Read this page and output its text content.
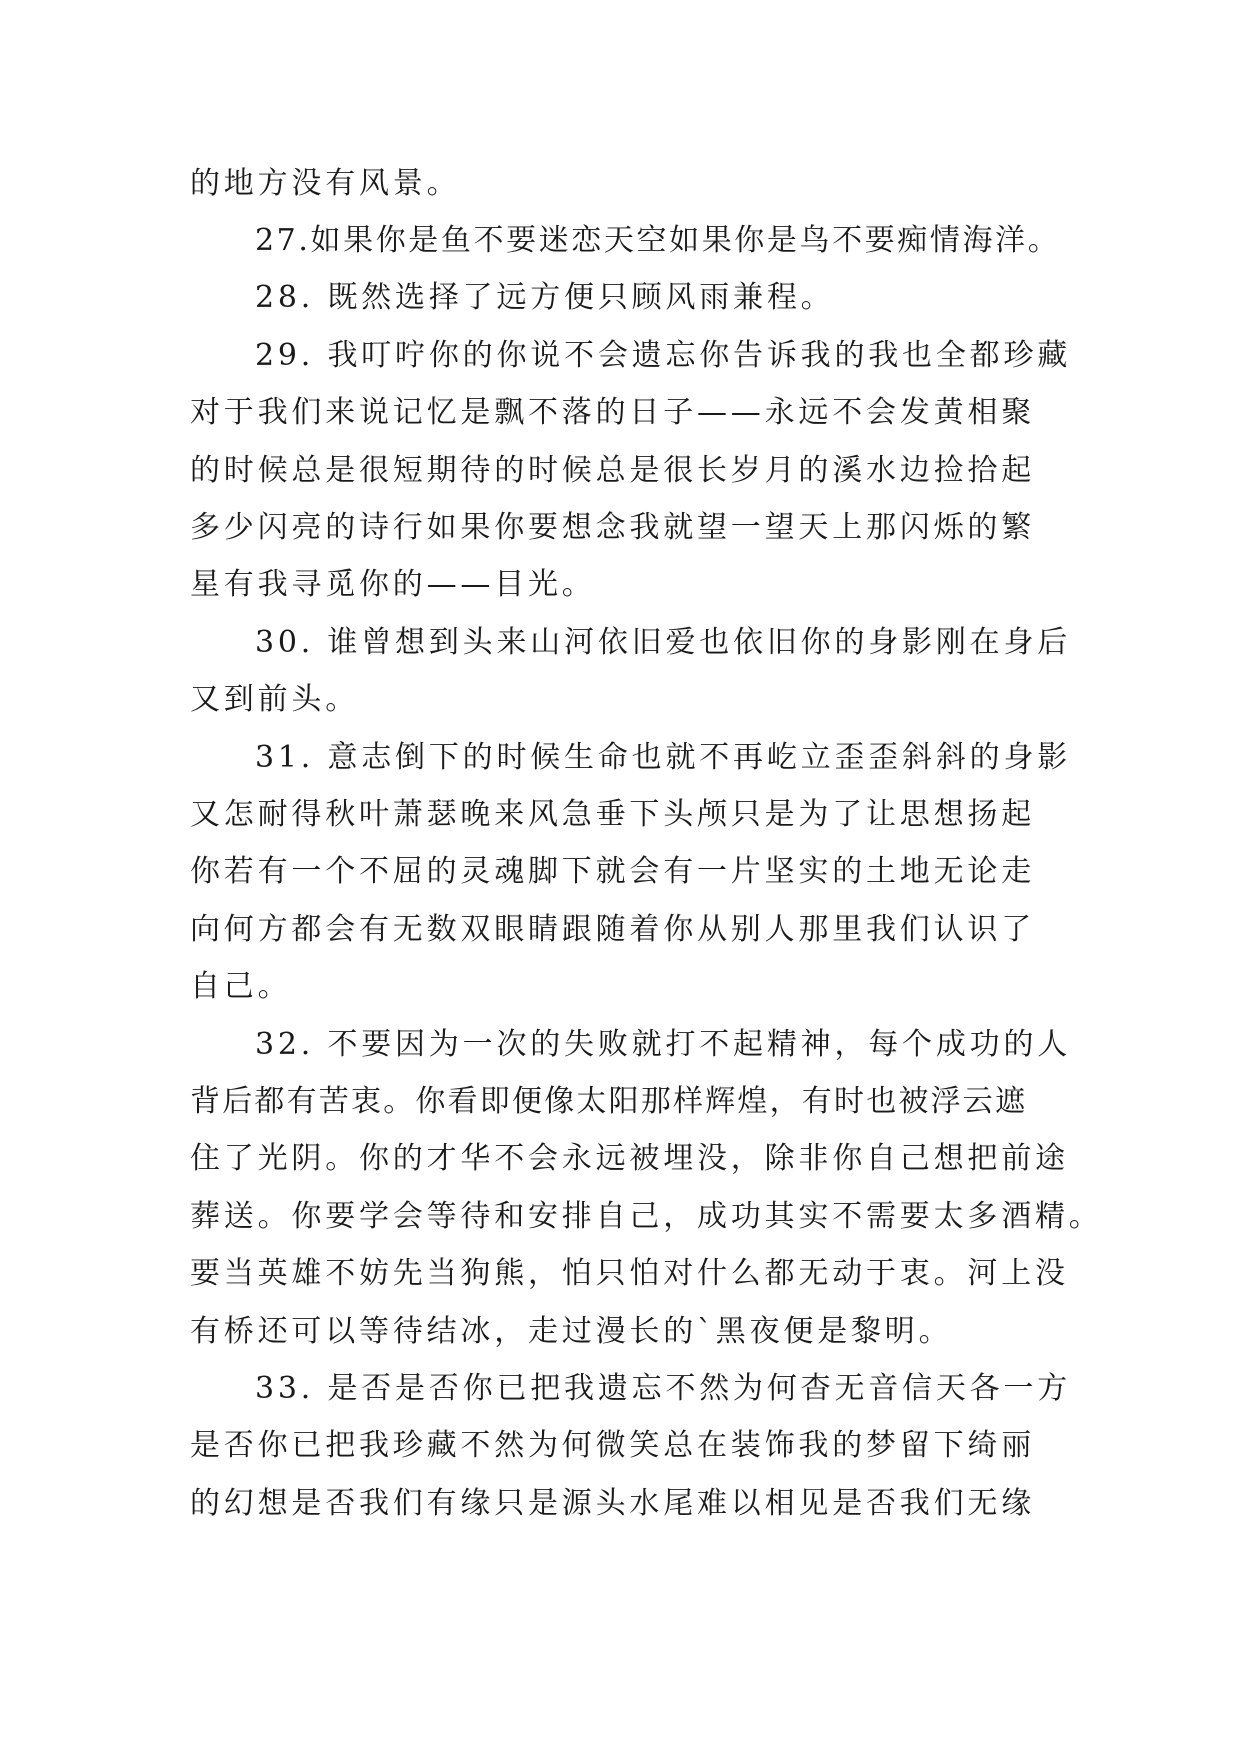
的地方没有风景。
27.如果你是鱼不要迷恋天空如果你是鸟不要痴情海洋。
28. 既然选择了远方便只顾风雨兼程。
29. 我叮咛你的你说不会遗忘你告诉我的我也全都珍藏
对于我们来说记忆是飘不落的日子——永远不会发黄相聚
的时候总是很短期待的时候总是很长岁月的溪水边捡拾起
多少闪亮的诗行如果你要想念我就望一望天上那闪烁的繁
星有我寻觅你的——目光。
30. 谁曾想到头来山河依旧爱也依旧你的身影刚在身后
又到前头。
31. 意志倒下的时候生命也就不再屹立歪歪斜斜的身影
又怎耐得秋叶萧瑟晚来风急垂下头颅只是为了让思想扬起
你若有一个不屈的灵魂脚下就会有一片坚实的土地无论走
向何方都会有无数双眼睛跟随着你从别人那里我们认识了
自己。
32. 不要因为一次的失败就打不起精神，每个成功的人
背后都有苦衷。你看即便像太阳那样辉煌，有时也被浮云遮
住了光阴。你的才华不会永远被埋没，除非你自己想把前途
葬送。你要学会等待和安排自己，成功其实不需要太多酒精。
要当英雄不妨先当狗熊，怕只怕对什么都无动于衷。河上没
有桥还可以等待结冰，走过漫长的`黑夜便是黎明。
33. 是否是否你已把我遗忘不然为何杳无音信天各一方
是否你已把我珍藏不然为何微笑总在装饰我的梦留下绮丽
的幻想是否我们有缘只是源头水尾难以相见是否我们无缘
